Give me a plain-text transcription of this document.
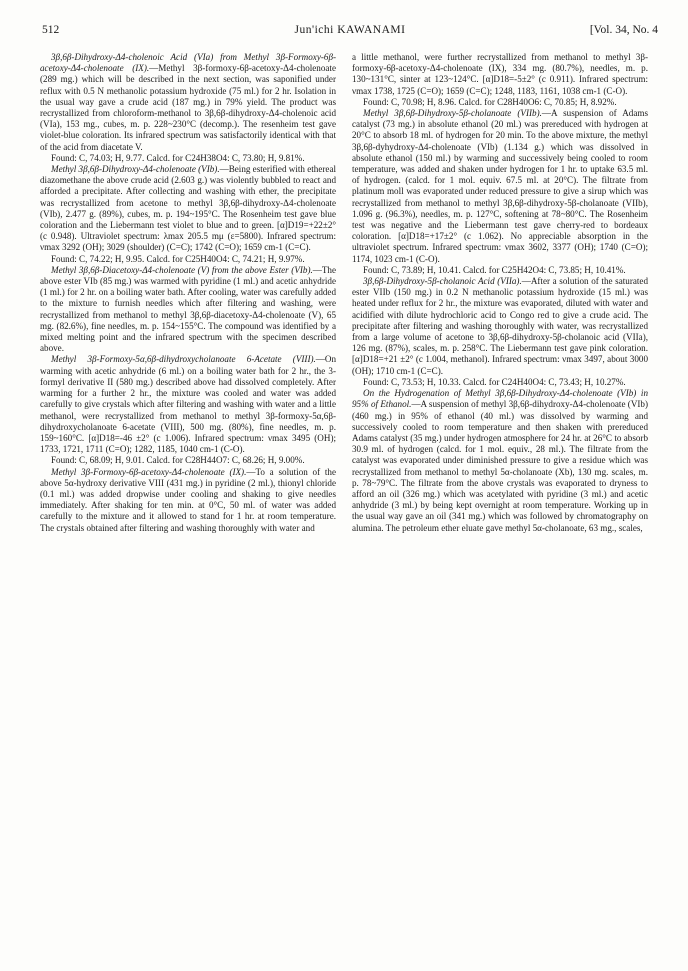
512	Jun'ichi KAWANAMI	[Vol. 34, No. 4

3β,6β-Dihydroxy-Δ4-cholenoic Acid (VIa) from Methyl 3β-Formoxy-6β-acetoxy-Δ4-cholenoate (IX).—Methyl 3β-formoxy-6β-acetoxy-Δ4-cholenoate (289 mg.) which will be described in the next section, was saponified under reflux with 0.5 N methanolic potassium hydroxide (75 ml.) for 2 hr. Isolation in the usual way gave a crude acid (187 mg.) in 79% yield. The product was recrystallized from chloroform-methanol to 3β,6β-dihydroxy-Δ4-cholenoic acid (VIa), 153 mg., cubes, m. p. 228~230°C (decomp.). The resenheim test gave violet-blue coloration. Its infrared spectrum was satisfactorily identical with that of the acid from diacetate V.

Found: C, 74.03; H, 9.77. Calcd. for C24H38O4: C, 73.80; H, 9.81%.

Methyl 3β,6β-Dihydroxy-Δ4-cholenoate (VIb).—Being esterified with ethereal diazomethane the above crude acid (2.603 g.) was violently bubbled to react and afforded a precipitate. After collecting and washing with ether, the precipitate was recrystallized from acetone to methyl 3β,6β-dihydroxy-Δ4-cholenoate (VIb), 2.477 g. (89%), cubes, m. p. 194~195°C. The Rosenheim test gave blue coloration and the Liebermann test violet to blue and to green. [α]D19=+22±2° (c 0.948). Ultraviolet spectrum: λmax 205.5 mμ (ε=5800). Infrared spectrum: νmax 3292 (OH); 3029 (shoulder) (C=C); 1742 (C=O); 1659 cm-1 (C=C).

Found: C, 74.22; H, 9.95. Calcd. for C25H40O4: C, 74.21; H, 9.97%.

Methyl 3β,6β-Diacetoxy-Δ4-cholenoate (V) from the above Ester (VIb).—The above ester VIb (85 mg.) was warmed with pyridine (1 ml.) and acetic anhydride (1 ml.) for 2 hr. on a boiling water bath. After cooling, water was carefully added to the mixture to furnish needles which after filtering and washing, were recrystallized from methanol to methyl 3β,6β-diacetoxy-Δ4-cholenoate (V), 65 mg. (82.6%), fine needles, m. p. 154~155°C. The compound was identified by a mixed melting point and the infrared spectrum with the specimen described above.

Methyl 3β-Formoxy-5α,6β-dihydroxycholanoate 6-Acetate (VIII).—On warming with acetic anhydride (6 ml.) on a boiling water bath for 2 hr., the 3-formyl derivative II (580 mg.) described above had dissolved completely. After warming for a further 2 hr., the mixture was cooled and water was added carefully to give crystals which after filtering and washing with water and a little methanol, were recrystallized from methanol to methyl 3β-formoxy-5α,6β-dihydroxycholanoate 6-acetate (VIII), 500 mg. (80%), fine needles, m. p. 159~160°C. [α]D18=-46 ±2° (c 1.006). Infrared spectrum: νmax 3495 (OH); 1733, 1721, 1711 (C=O); 1282, 1185, 1040 cm-1 (C-O).

Found: C, 68.09; H, 9.01. Calcd. for C28H44O7: C, 68.26; H, 9.00%.

Methyl 3β-Formoxy-6β-acetoxy-Δ4-cholenoate (IX).—To a solution of the above 5α-hydroxy derivative VIII (431 mg.) in pyridine (2 ml.), thionyl chloride (0.1 ml.) was added dropwise under cooling and shaking to give needles immediately. After shaking for ten min. at 0°C, 50 ml. of water was added carefully to the mixture and it allowed to stand for 1 hr. at room temperature. The crystals obtained after filtering and washing thoroughly with water and

a little methanol, were further recrystallized from methanol to methyl 3β-formoxy-6β-acetoxy-Δ4-cholenoate (IX), 334 mg. (80.7%), needles, m. p. 130~131°C, sinter at 123~124°C. [α]D18=-5±2° (c 0.911). Infrared spectrum: νmax 1738, 1725 (C=O); 1659 (C=C); 1248, 1183, 1161, 1038 cm-1 (C-O).

Found: C, 70.98; H, 8.96. Calcd. for C28H40O6: C, 70.85; H, 8.92%.

Methyl 3β,6β-Dihydroxy-5β-cholanoate (VIIb).—A suspension of Adams catalyst (73 mg.) in absolute ethanol (20 ml.) was prereduced with hydrogen at 20°C to absorb 18 ml. of hydrogen for 20 min. To the above mixture, the methyl 3β,6β-dyhydroxy-Δ4-cholenoate (VIb) (1.134 g.) which was dissolved in absolute ethanol (150 ml.) by warming and successively being cooled to room temperature, was added and shaken under hydrogen for 1 hr. to uptake 63.5 ml. of hydrogen. (calcd. for 1 mol. equiv. 67.5 ml. at 20°C). The filtrate from platinum moll was evaporated under reduced pressure to give a sirup which was recrystallized from methanol to methyl 3β,6β-dihydroxy-5β-cholanoate (VIIb), 1.096 g. (96.3%), needles, m. p. 127°C, softening at 78~80°C. The Rosenheim test was negative and the Liebermann test gave cherry-red to bordeaux coloration. [α]D18=+17±2° (c 1.062). No appreciable absorption in the ultraviolet spectrum. Infrared spectrum: νmax 3602, 3377 (OH); 1740 (C=O); 1174, 1023 cm-1 (C-O).

Found: C, 73.89; H, 10.41. Calcd. for C25H42O4: C, 73.85; H, 10.41%.

3β,6β-Dihydroxy-5β-cholanoic Acid (VIIa).—After a solution of the saturated ester VIIb (150 mg.) in 0.2 N methanolic potassium hydroxide (15 ml.) was heated under reflux for 2 hr., the mixture was evaporated, diluted with water and acidified with dilute hydrochloric acid to Congo red to give a crude acid. The precipitate after filtering and washing thoroughly with water, was recrystallized from a large volume of acetone to 3β,6β-dihydroxy-5β-cholanoic acid (VIIa), 126 mg. (87%), scales, m. p. 258°C. The Liebermann test gave pink coloration. [α]D18=+21 ±2° (c 1.004, methanol). Infrared spectrum: νmax 3497, about 3000 (OH); 1710 cm-1 (C=C).

Found: C, 73.53; H, 10.33. Calcd. for C24H40O4: C, 73.43; H, 10.27%.

On the Hydrogenation of Methyl 3β,6β-Dihydroxy-Δ4-cholenoate (VIb) in 95% of Ethanol.—A suspension of methyl 3β,6β-dihydroxy-Δ4-cholenoate (VIb) (460 mg.) in 95% of ethanol (40 ml.) was dissolved by warming and successively cooled to room temperature and then shaken with prereduced Adams catalyst (35 mg.) under hydrogen atmosphere for 24 hr. at 26°C to absorb 30.9 ml. of hydrogen (calcd. for 1 mol. equiv., 28 ml.). The filtrate from the catalyst was evaporated under diminished pressure to give a residue which was recrystallized from methanol to methyl 5α-cholanoate (Xb), 130 mg. scales, m. p. 78~79°C. The filtrate from the above crystals was evaporated to dryness to afford an oil (326 mg.) which was acetylated with pyridine (3 ml.) and acetic anhydride (3 ml.) by being kept overnight at room temperature. Working up in the usual way gave an oil (341 mg.) which was followed by chromatography on alumina. The petroleum ether eluate gave methyl 5α-cholanoate, 63 mg., scales,
